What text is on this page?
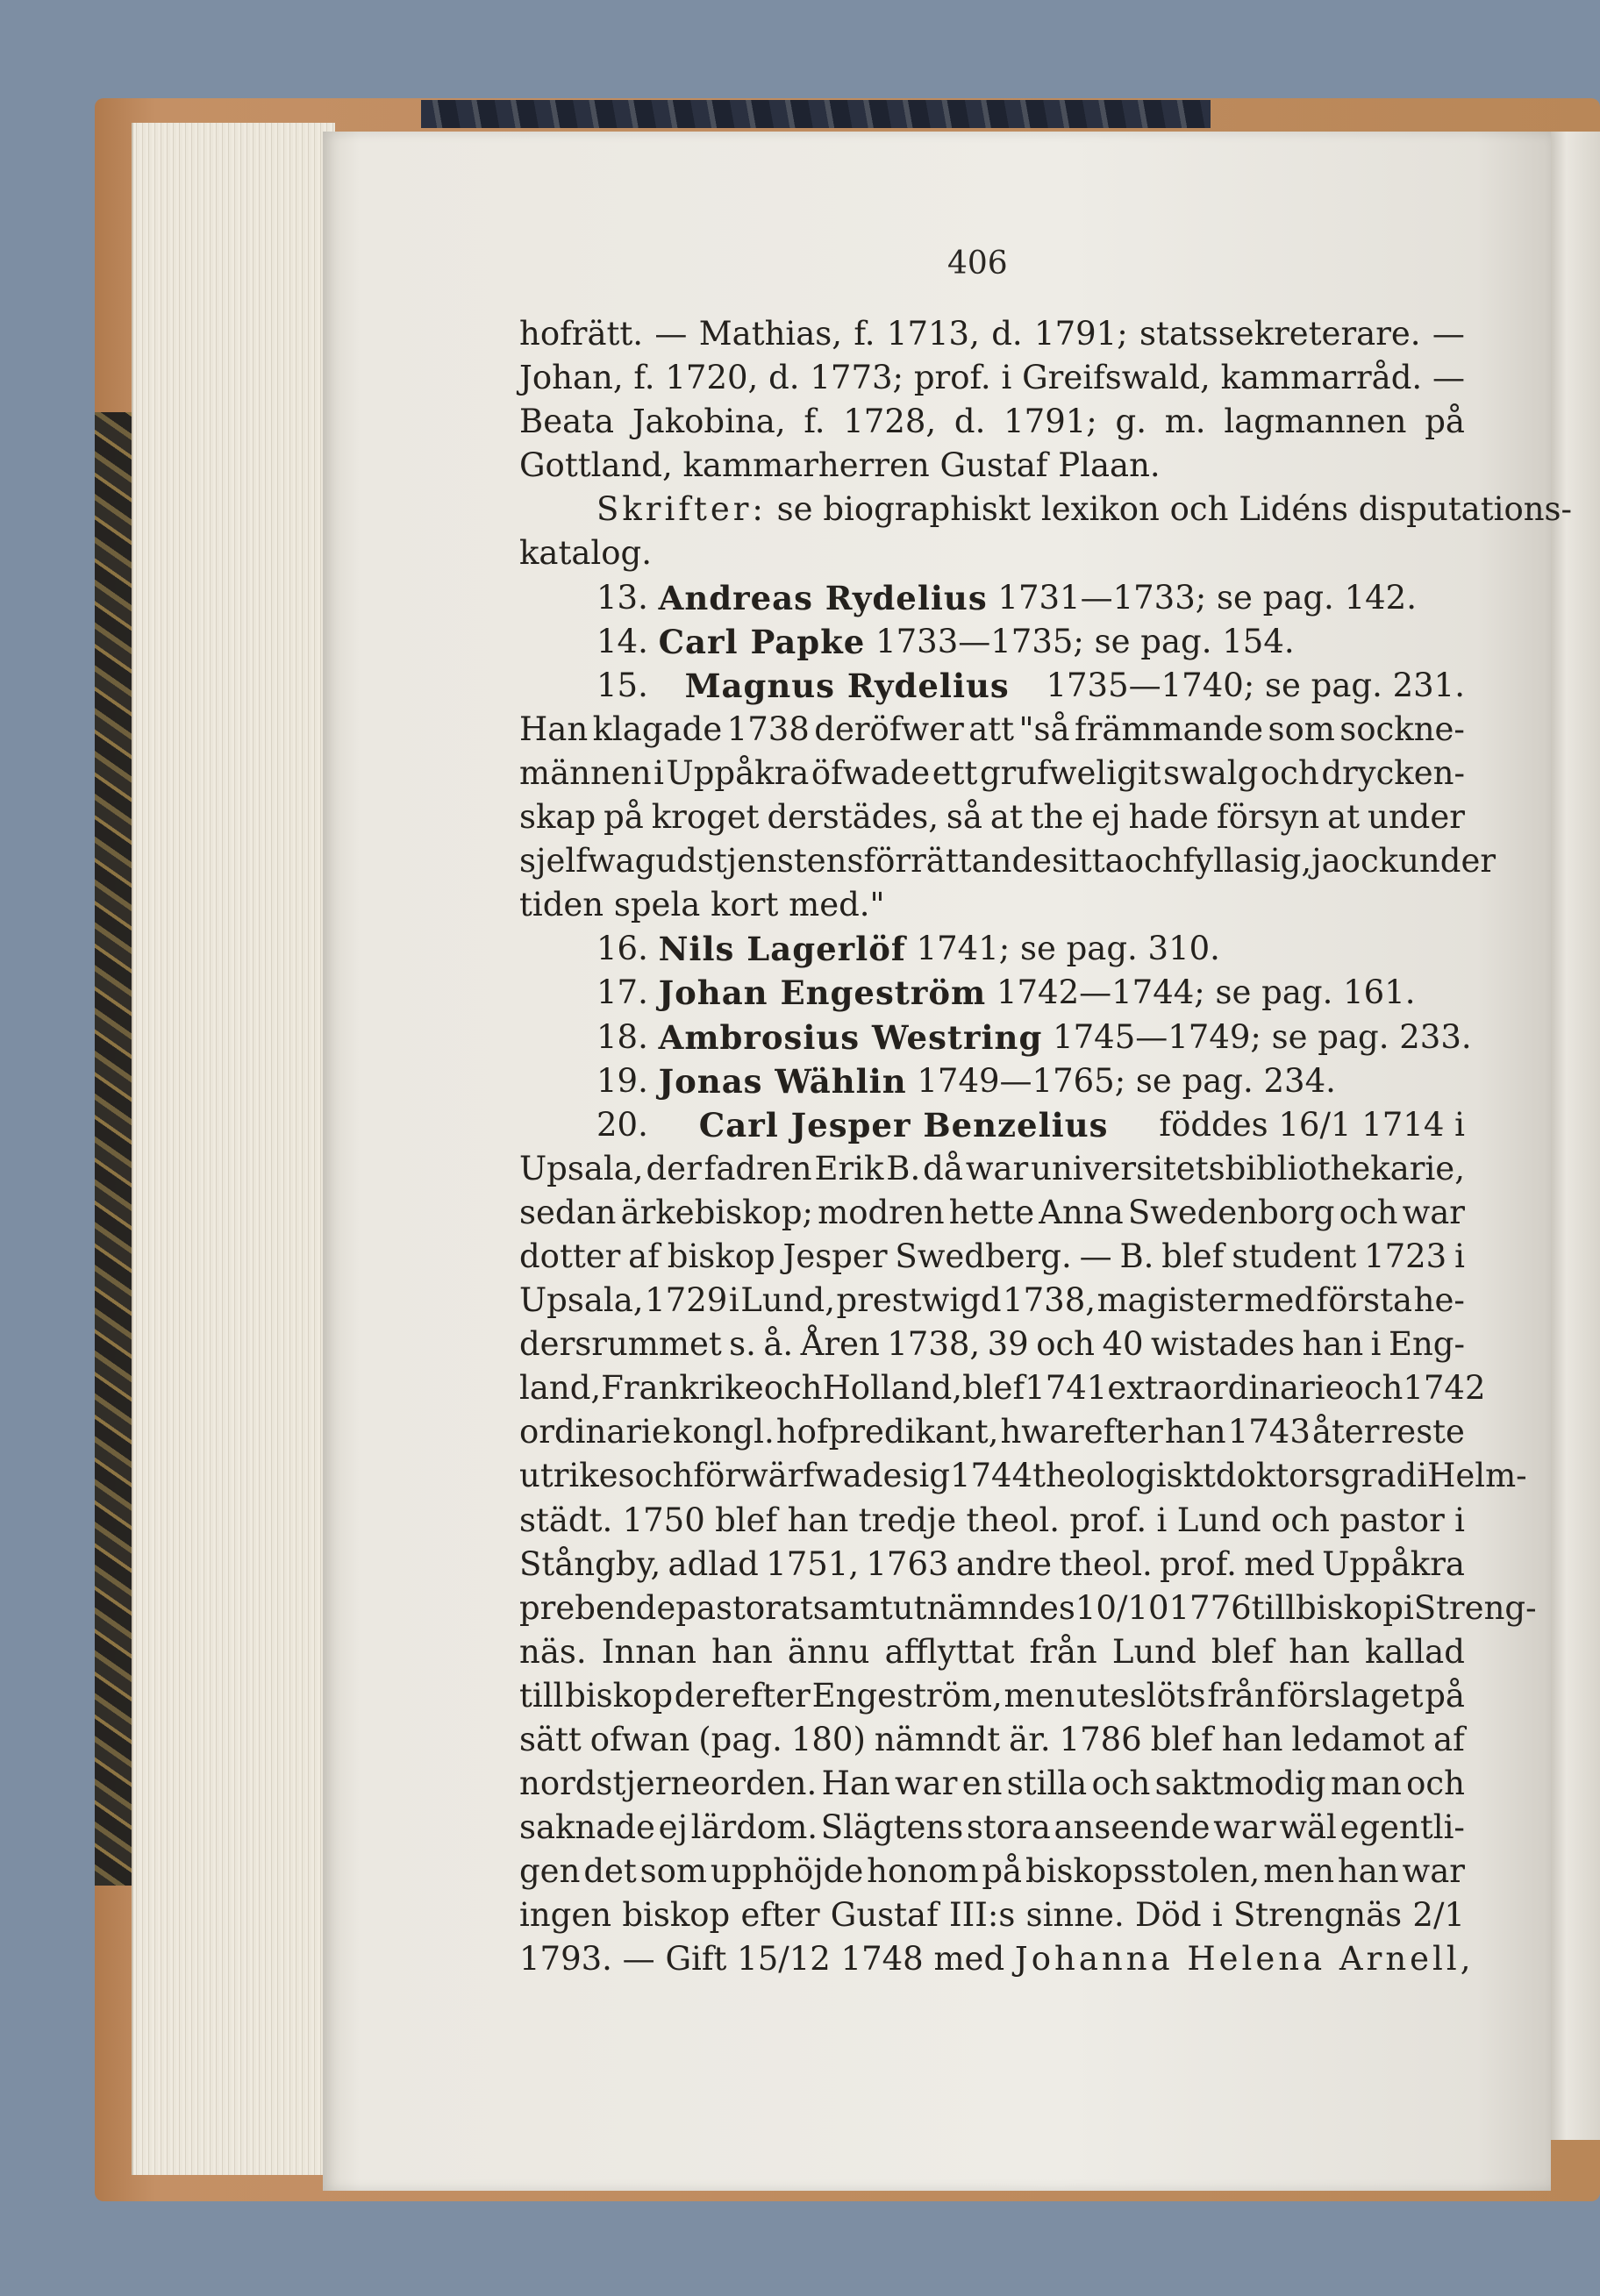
406
hofrätt. — Mathias, f. 1713, d. 1791; statssekreterare. —
Johan, f. 1720, d. 1773; prof. i Greifswald, kammarråd. —
Beata Jakobina, f. 1728, d. 1791; g. m. lagmannen på
Gottland, kammarherren Gustaf Plaan.
Skrifter: se biographiskt lexikon och Lidéns disputations-
katalog.
13. Andreas Rydelius 1731—1733; se pag. 142.
14. Carl Papke 1733—1735; se pag. 154.
15. Magnus Rydelius 1735—1740; se pag. 231.
Han klagade 1738 deröfwer att "så främmande som sockne-
männen i Uppåkra öfwade ett grufweligit swalg och drycken-
skap på kroget derstädes, så at the ej hade försyn at under
sjelfwa gudstjenstens förrättande sitta och fylla sig, ja ock under
tiden spela kort med."
16. Nils Lagerlöf 1741; se pag. 310.
17. Johan Engeström 1742—1744; se pag. 161.
18. Ambrosius Westring 1745—1749; se pag. 233.
19. Jonas Wählin 1749—1765; se pag. 234.
20. Carl Jesper Benzelius föddes 16/1 1714 i
Upsala, der fadren Erik B. då war universitetsbibliothekarie,
sedan ärkebiskop; modren hette Anna Swedenborg och war
dotter af biskop Jesper Swedberg. — B. blef student 1723 i
Upsala, 1729 i Lund, prestwigd 1738, magister med första he-
dersrummet s. å. Åren 1738, 39 och 40 wistades han i Eng-
land, Frankrike och Holland, blef 1741 extraordinarie och 1742
ordinarie kongl. hofpredikant, hwarefter han 1743 åter reste
utrikes och förwärfwade sig 1744 theologiskt doktorsgrad i Helm-
städt. 1750 blef han tredje theol. prof. i Lund och pastor i
Stångby, adlad 1751, 1763 andre theol. prof. med Uppåkra
prebendepastorat samt utnämndes 10/10 1776 till biskop i Streng-
näs. Innan han ännu afflyttat från Lund blef han kallad
till biskop der efter Engeström, men uteslöts från förslaget på
sätt ofwan (pag. 180) nämndt är. 1786 blef han ledamot af
nordstjerneorden. Han war en stilla och saktmodig man och
saknade ej lärdom. Slägtens stora anseende war wäl egentli-
gen det som upphöjde honom på biskopsstolen, men han war
ingen biskop efter Gustaf III:s sinne. Död i Strengnäs 2/1
1793. — Gift 15/12 1748 med Johanna Helena Arnell,
